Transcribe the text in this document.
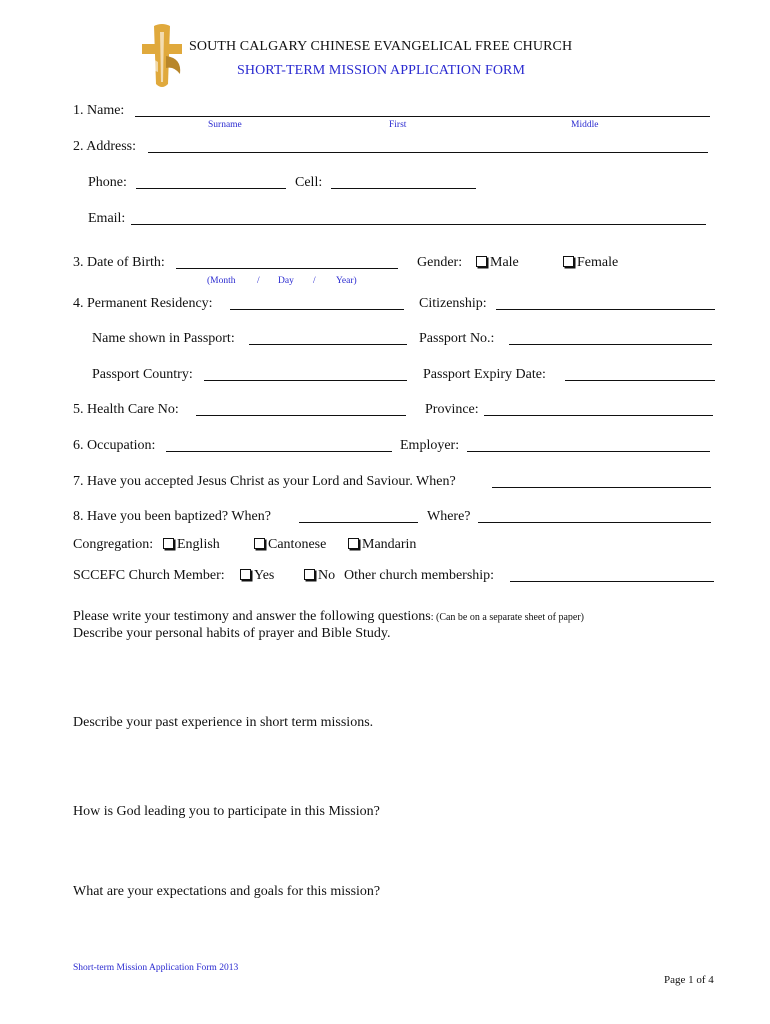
SOUTH CALGARY CHINESE EVANGELICAL FREE CHURCH
SHORT-TERM MISSION APPLICATION FORM
1. Name:
Surname	First	Middle
2. Address:
Phone:	Cell:
Email:
3. Date of Birth:
(Month / Day / Year)
Gender:	Male	Female
4. Permanent Residency:	Citizenship:
Name shown in Passport:	Passport No.:
Passport Country:	Passport Expiry Date:
5. Health Care No:	Province:
6. Occupation:	Employer:
7. Have you accepted Jesus Christ as your Lord and Saviour. When?
8. Have you been baptized? When?	Where?
Congregation:	English	Cantonese	Mandarin
SCCEFC Church Member:	Yes	No Other church membership:
Please write your testimony and answer the following questions: (Can be on a separate sheet of paper)
Describe your personal habits of prayer and Bible Study.
Describe your past experience in short term missions.
How is God leading you to participate in this Mission?
What are your expectations and goals for this mission?
Short-term Mission Application Form 2013
Page 1 of 4
